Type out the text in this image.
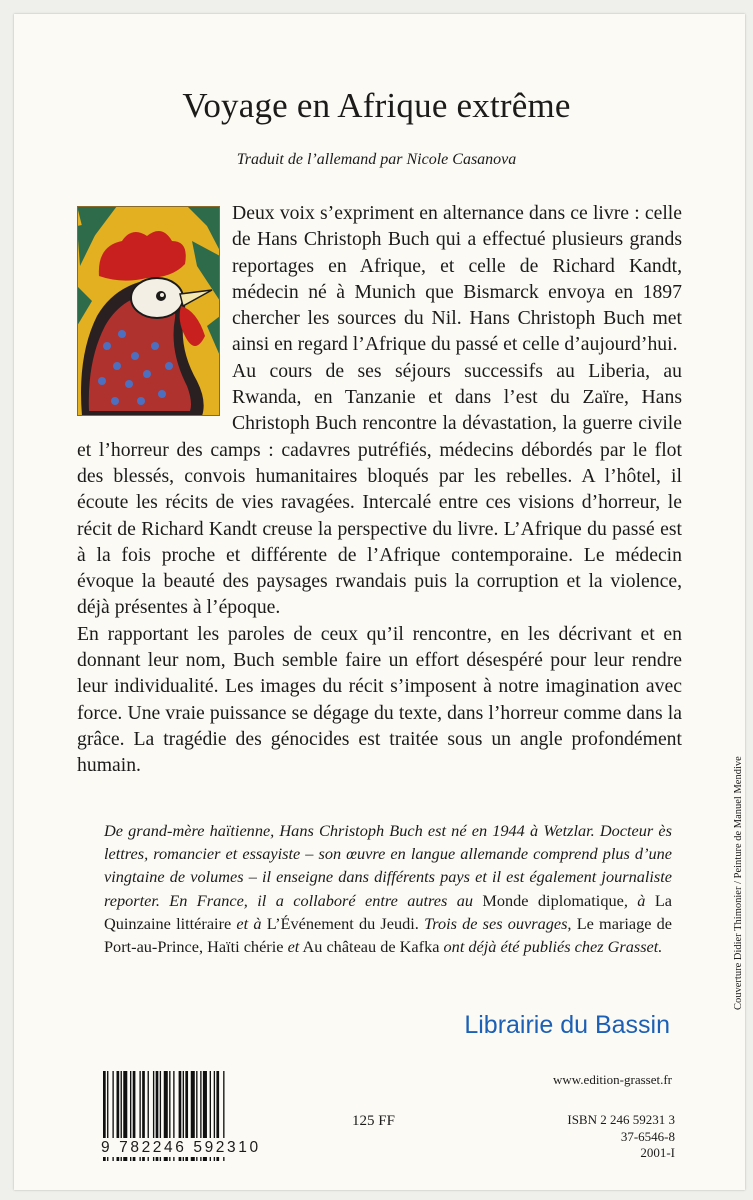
Voyage en Afrique extrême
Traduit de l’allemand par Nicole Casanova

Deux voix s’expriment en alternance dans ce livre : celle de Hans Christoph Buch qui a effectué plusieurs grands reportages en Afrique, et celle de Richard Kandt, médecin né à Munich que Bismarck envoya en 1897 chercher les sources du Nil. Hans Christoph Buch met ainsi en regard l’Afrique du passé et celle d’aujourd’hui.

Au cours de ses séjours successifs au Liberia, au Rwanda, en Tanzanie et dans l’est du Zaïre, Hans Christoph Buch rencontre la dévastation, la guerre civile et l’horreur des camps : cadavres putréfiés, médecins débordés par le flot des blessés, convois humanitaires bloqués par les rebelles. A l’hôtel, il écoute les récits de vies ravagées. Intercalé entre ces visions d’horreur, le récit de Richard Kandt creuse la perspective du livre. L’Afrique du passé est à la fois proche et différente de l’Afrique contemporaine. Le médecin évoque la beauté des paysages rwandais puis la corruption et la violence, déjà présentes à l’époque.

En rapportant les paroles de ceux qu’il rencontre, en les décrivant et en donnant leur nom, Buch semble faire un effort désespéré pour leur rendre leur individualité. Les images du récit s’imposent à notre imagination avec force. Une vraie puissance se dégage du texte, dans l’horreur comme dans la grâce. La tragédie des génocides est traitée sous un angle profondément humain.

De grand-mère haïtienne, Hans Christoph Buch est né en 1944 à Wetzlar. Docteur ès lettres, romancier et essayiste – son œuvre en langue allemande comprend plus d’une vingtaine de volumes – il enseigne dans différents pays et il est également journaliste reporter. En France, il a collaboré entre autres au Monde diplomatique, à La Quinzaine littéraire et à L’Événement du Jeudi. Trois de ses ouvrages, Le mariage de Port-au-Prince, Haïti chérie et Au château de Kafka ont déjà été publiés chez Grasset.
Librairie du Bassin
Couverture Didier Thimonier / Peinture de Manuel Mendive
9 782246 592310
125 FF
www.edition-grasset.fr
ISBN 2 246 59231 3
37-6546-8
2001-I
